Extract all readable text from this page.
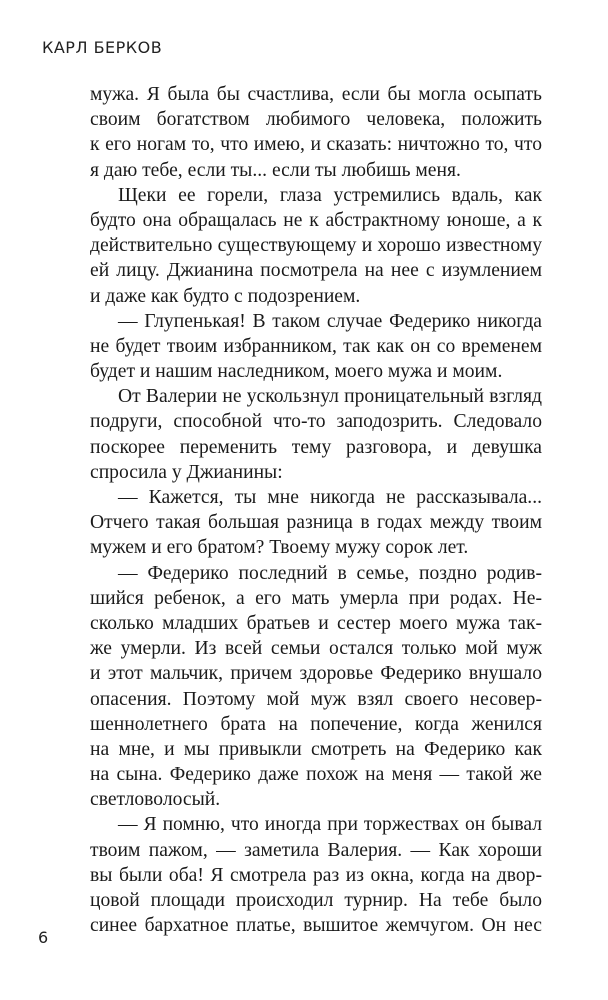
КАРЛ БЕРКОВ
мужа. Я была бы счастлива, если бы могла осыпать
своим богатством любимого человека, положить
к его ногам то, что имею, и сказать: ничтожно то, что
я даю тебе, если ты... если ты любишь меня.
Щеки ее горели, глаза устремились вдаль, как
будто она обращалась не к абстрактному юноше, а к
действительно существующему и хорошо известному
ей лицу. Джианина посмотрела на нее с изумлением
и даже как будто с подозрением.
— Глупенькая! В таком случае Федерико никогда
не будет твоим избранником, так как он со временем
будет и нашим наследником, моего мужа и моим.
От Валерии не ускользнул проницательный взгляд
подруги, способной что-то заподозрить. Следовало
поскорее переменить тему разговора, и девушка
спросила у Джианины:
— Кажется, ты мне никогда не рассказывала...
Отчего такая большая разница в годах между твоим
мужем и его братом? Твоему мужу сорок лет.
— Федерико последний в семье, поздно родив-
шийся ребенок, а его мать умерла при родах. Не-
сколько младших братьев и сестер моего мужа так-
же умерли. Из всей семьи остался только мой муж
и этот мальчик, причем здоровье Федерико внушало
опасения. Поэтому мой муж взял своего несовер-
шеннолетнего брата на попечение, когда женился
на мне, и мы привыкли смотреть на Федерико как
на сына. Федерико даже похож на меня — такой же
светловолосый.
— Я помню, что иногда при торжествах он бывал
твоим пажом, — заметила Валерия. — Как хороши
вы были оба! Я смотрела раз из окна, когда на двор-
цовой площади происходил турнир. На тебе было
синее бархатное платье, вышитое жемчугом. Он нес
6
